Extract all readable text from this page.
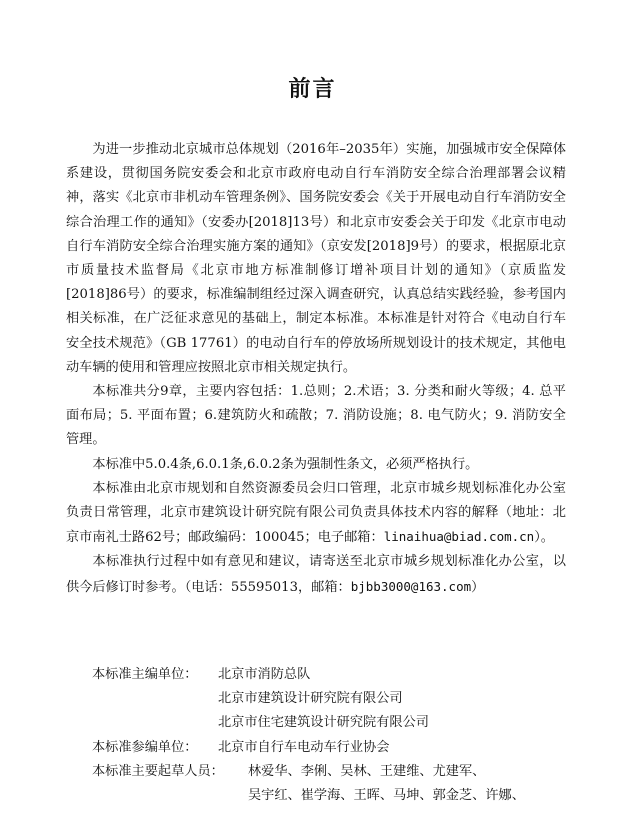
前言

为进一步推动北京城市总体规划（2016年–2035年）实施，加强城市安全保障体系建设，贯彻国务院安委会和北京市政府电动自行车消防安全综合治理部署会议精神，落实《北京市非机动车管理条例》、国务院安委会《关于开展电动自行车消防安全综合治理工作的通知》（安委办[2018]13号）和北京市安委会关于印发《北京市电动自行车消防安全综合治理实施方案的通知》（京安发[2018]9号）的要求，根据原北京市质量技术监督局《北京市地方标准制修订增补项目计划的通知》（京质监发[2018]86号）的要求，标准编制组经过深入调查研究，认真总结实践经验，参考国内相关标准，在广泛征求意见的基础上，制定本标准。本标准是针对符合《电动自行车安全技术规范》（GB 17761）的电动自行车的停放场所规划设计的技术规定，其他电动车辆的使用和管理应按照北京市相关规定执行。

本标准共分9章，主要内容包括：1.总则；2.术语；3. 分类和耐火等级；4. 总平面布局；5. 平面布置；6.建筑防火和疏散；7. 消防设施；8. 电气防火；9. 消防安全管理。

本标准中5.0.4条,6.0.1条,6.0.2条为强制性条文，必须严格执行。

本标准由北京市规划和自然资源委员会归口管理，北京市城乡规划标准化办公室负责日常管理，北京市建筑设计研究院有限公司负责具体技术内容的解释（地址：北京市南礼士路62号；邮政编码：100045；电子邮箱：linaihua@biad.com.cn）。

本标准执行过程中如有意见和建议，请寄送至北京市城乡规划标准化办公室，以供今后修订时参考。（电话：55595013，邮箱：bjbb3000@163.com）

本标准主编单位： 北京市消防总队
北京市建筑设计研究院有限公司
北京市住宅建筑设计研究院有限公司
本标准参编单位： 北京市自行车电动车行业协会
本标准主要起草人员： 林爱华、李俐、吴林、王建维、尤建军、
吴宇红、崔学海、王晖、马坤、郭金芝、许娜、
